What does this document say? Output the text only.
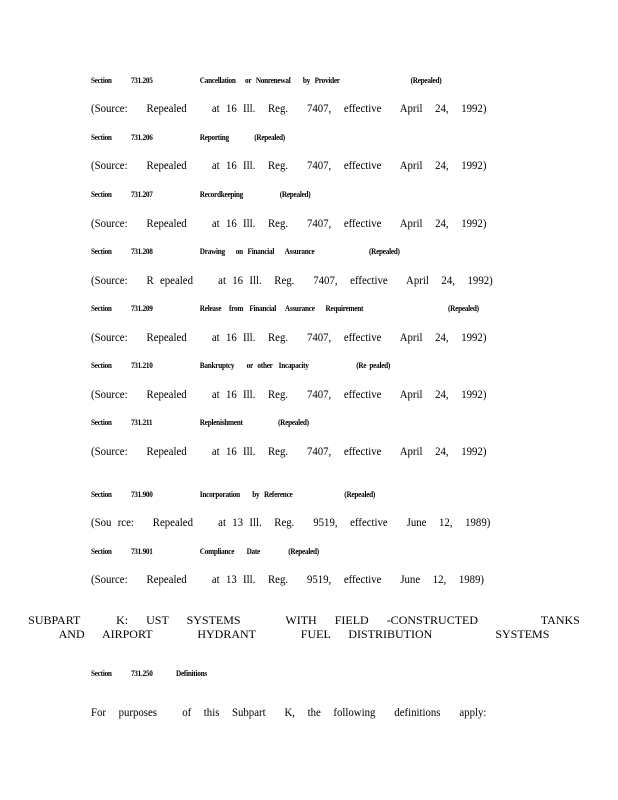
Section 731.205	Cancellation      or   Nonrenewal        by   Provider	(Repealed)
(Source:   Repealed    at 16 Ill.  Reg.   7407,  effective   April  24,  1992)
Section 731.206	Reporting	(Repealed)
(Source:   Repealed    at 16 Ill.  Reg.   7407,  effective   April  24,  1992)
Section 731.207	Recordkeeping	(Repealed)
(Source:   Repealed    at 16 Ill.  Reg.   7407,  effective   April  24,  1992)
Section 731.208	Drawing       on   Financial       Assurance	(Repealed)
(Source:   R epealed    at 16 Ill.  Reg.   7407,  effective   April  24,  1992)
Section 731.209	Release     from    Financial      Assurance       Requirement	(Repealed)
(Source:   Repealed    at 16 Ill.  Reg.   7407,  effective   April  24,  1992)
Section 731.210	Bankruptcy        or   other    Incapacity	(Re  pealed)
(Source:   Repealed    at 16 Ill.  Reg.   7407,  effective   April  24,  1992)
Section 731.211	Replenishment	(Repealed)
(Source:   Repealed    at 16 Ill.  Reg.   7407,  effective   April  24,  1992)
Section 731.900	Incorporation        by   Reference	(Repealed)
(Sou rce:   Repealed    at 13 Ill.  Reg.   9519,  effective   June  12,  1989)
Section 731.901	Compliance        Date	(Repealed)
(Source:   Repealed    at 13 Ill.  Reg.   9519,  effective   June  12,  1989)
SUBPART    K:  UST  SYSTEMS     WITH  FIELD  -CONSTRUCTED       TANKS
AND  AIRPORT     HYDRANT     FUEL  DISTRIBUTION       SYSTEMS
Section 731.250	Definitions
For  purposes    of  this  Subpart   K,  the  following   definitions   apply:
